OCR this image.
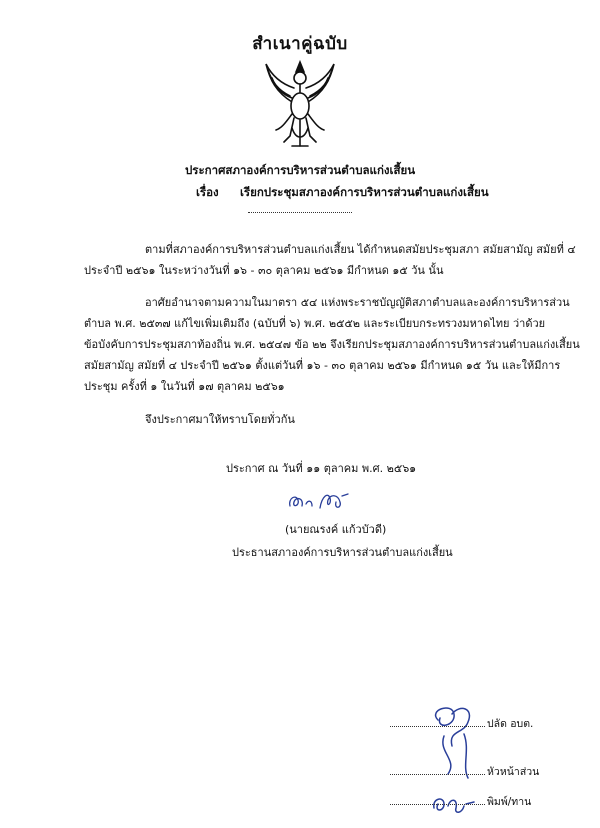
สำเนาคู่ฉบับ
ประกาศสภาองค์การบริหารส่วนตำบลแก่งเสี้ยน
เรื่อง เรียกประชุมสภาองค์การบริหารส่วนตำบลแก่งเสี้ยน
ตามที่สภาองค์การบริหารส่วนตำบลแก่งเสี้ยน ได้กำหนดสมัยประชุมสภา สมัยสามัญ สมัยที่ ๔
ประจำปี ๒๕๖๑ ในระหว่างวันที่ ๑๖ - ๓๐ ตุลาคม ๒๕๖๑ มีกำหนด ๑๕ วัน นั้น
อาศัยอำนาจตามความในมาตรา ๕๔ แห่งพระราชบัญญัติสภาตำบลและองค์การบริหารส่วน
ตำบล พ.ศ. ๒๕๓๗ แก้ไขเพิ่มเติมถึง (ฉบับที่ ๖) พ.ศ. ๒๕๕๒ และระเบียบกระทรวงมหาดไทย ว่าด้วย
ข้อบังคับการประชุมสภาท้องถิ่น พ.ศ. ๒๕๔๗ ข้อ ๒๒ จึงเรียกประชุมสภาองค์การบริหารส่วนตำบลแก่งเสี้ยน
สมัยสามัญ สมัยที่ ๔ ประจำปี ๒๕๖๑ ตั้งแต่วันที่ ๑๖ - ๓๐ ตุลาคม ๒๕๖๑ มีกำหนด ๑๕ วัน และให้มีการ
ประชุม ครั้งที่ ๑ ในวันที่ ๑๗ ตุลาคม ๒๕๖๑
จึงประกาศมาให้ทราบโดยทั่วกัน
ประกาศ ณ วันที่ ๑๑ ตุลาคม พ.ศ. ๒๕๖๑
(นายณรงค์ แก้วบัวดี)
ประธานสภาองค์การบริหารส่วนตำบลแก่งเสี้ยน
ปลัด อบต.
หัวหน้าส่วน
พิมพ์/ทาน
